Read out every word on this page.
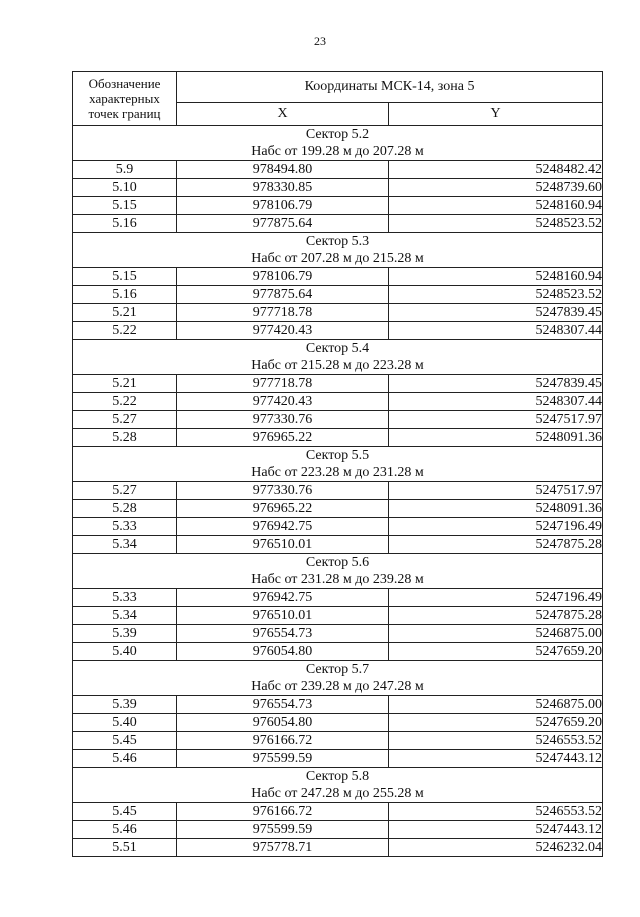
23
Обозначение характерных точек границ	Координаты МСК-14, зона 5	
	X	Y

Сектор 5.2
Набс от 199.28 м до 207.28 м		

5.9	978494.80	5248482.42
5.10	978330.85	5248739.60
5.15	978106.79	5248160.94
5.16	977875.64	5248523.52

Сектор 5.3
Набс от 207.28 м до 215.28 м		

5.15	978106.79	5248160.94
5.16	977875.64	5248523.52
5.21	977718.78	5247839.45
5.22	977420.43	5248307.44

Сектор 5.4
Набс от 215.28 м до 223.28 м		

5.21	977718.78	5247839.45
5.22	977420.43	5248307.44
5.27	977330.76	5247517.97
5.28	976965.22	5248091.36

Сектор 5.5
Набс от 223.28 м до 231.28 м		

5.27	977330.76	5247517.97
5.28	976965.22	5248091.36
5.33	976942.75	5247196.49
5.34	976510.01	5247875.28

Сектор 5.6
Набс от 231.28 м до 239.28 м		

5.33	976942.75	5247196.49
5.34	976510.01	5247875.28
5.39	976554.73	5246875.00
5.40	976054.80	5247659.20

Сектор 5.7
Набс от 239.28 м до 247.28 м		

5.39	976554.73	5246875.00
5.40	976054.80	5247659.20
5.45	976166.72	5246553.52
5.46	975599.59	5247443.12

Сектор 5.8
Набс от 247.28 м до 255.28 м		

5.45	976166.72	5246553.52
5.46	975599.59	5247443.12
5.51	975778.71	5246232.04
